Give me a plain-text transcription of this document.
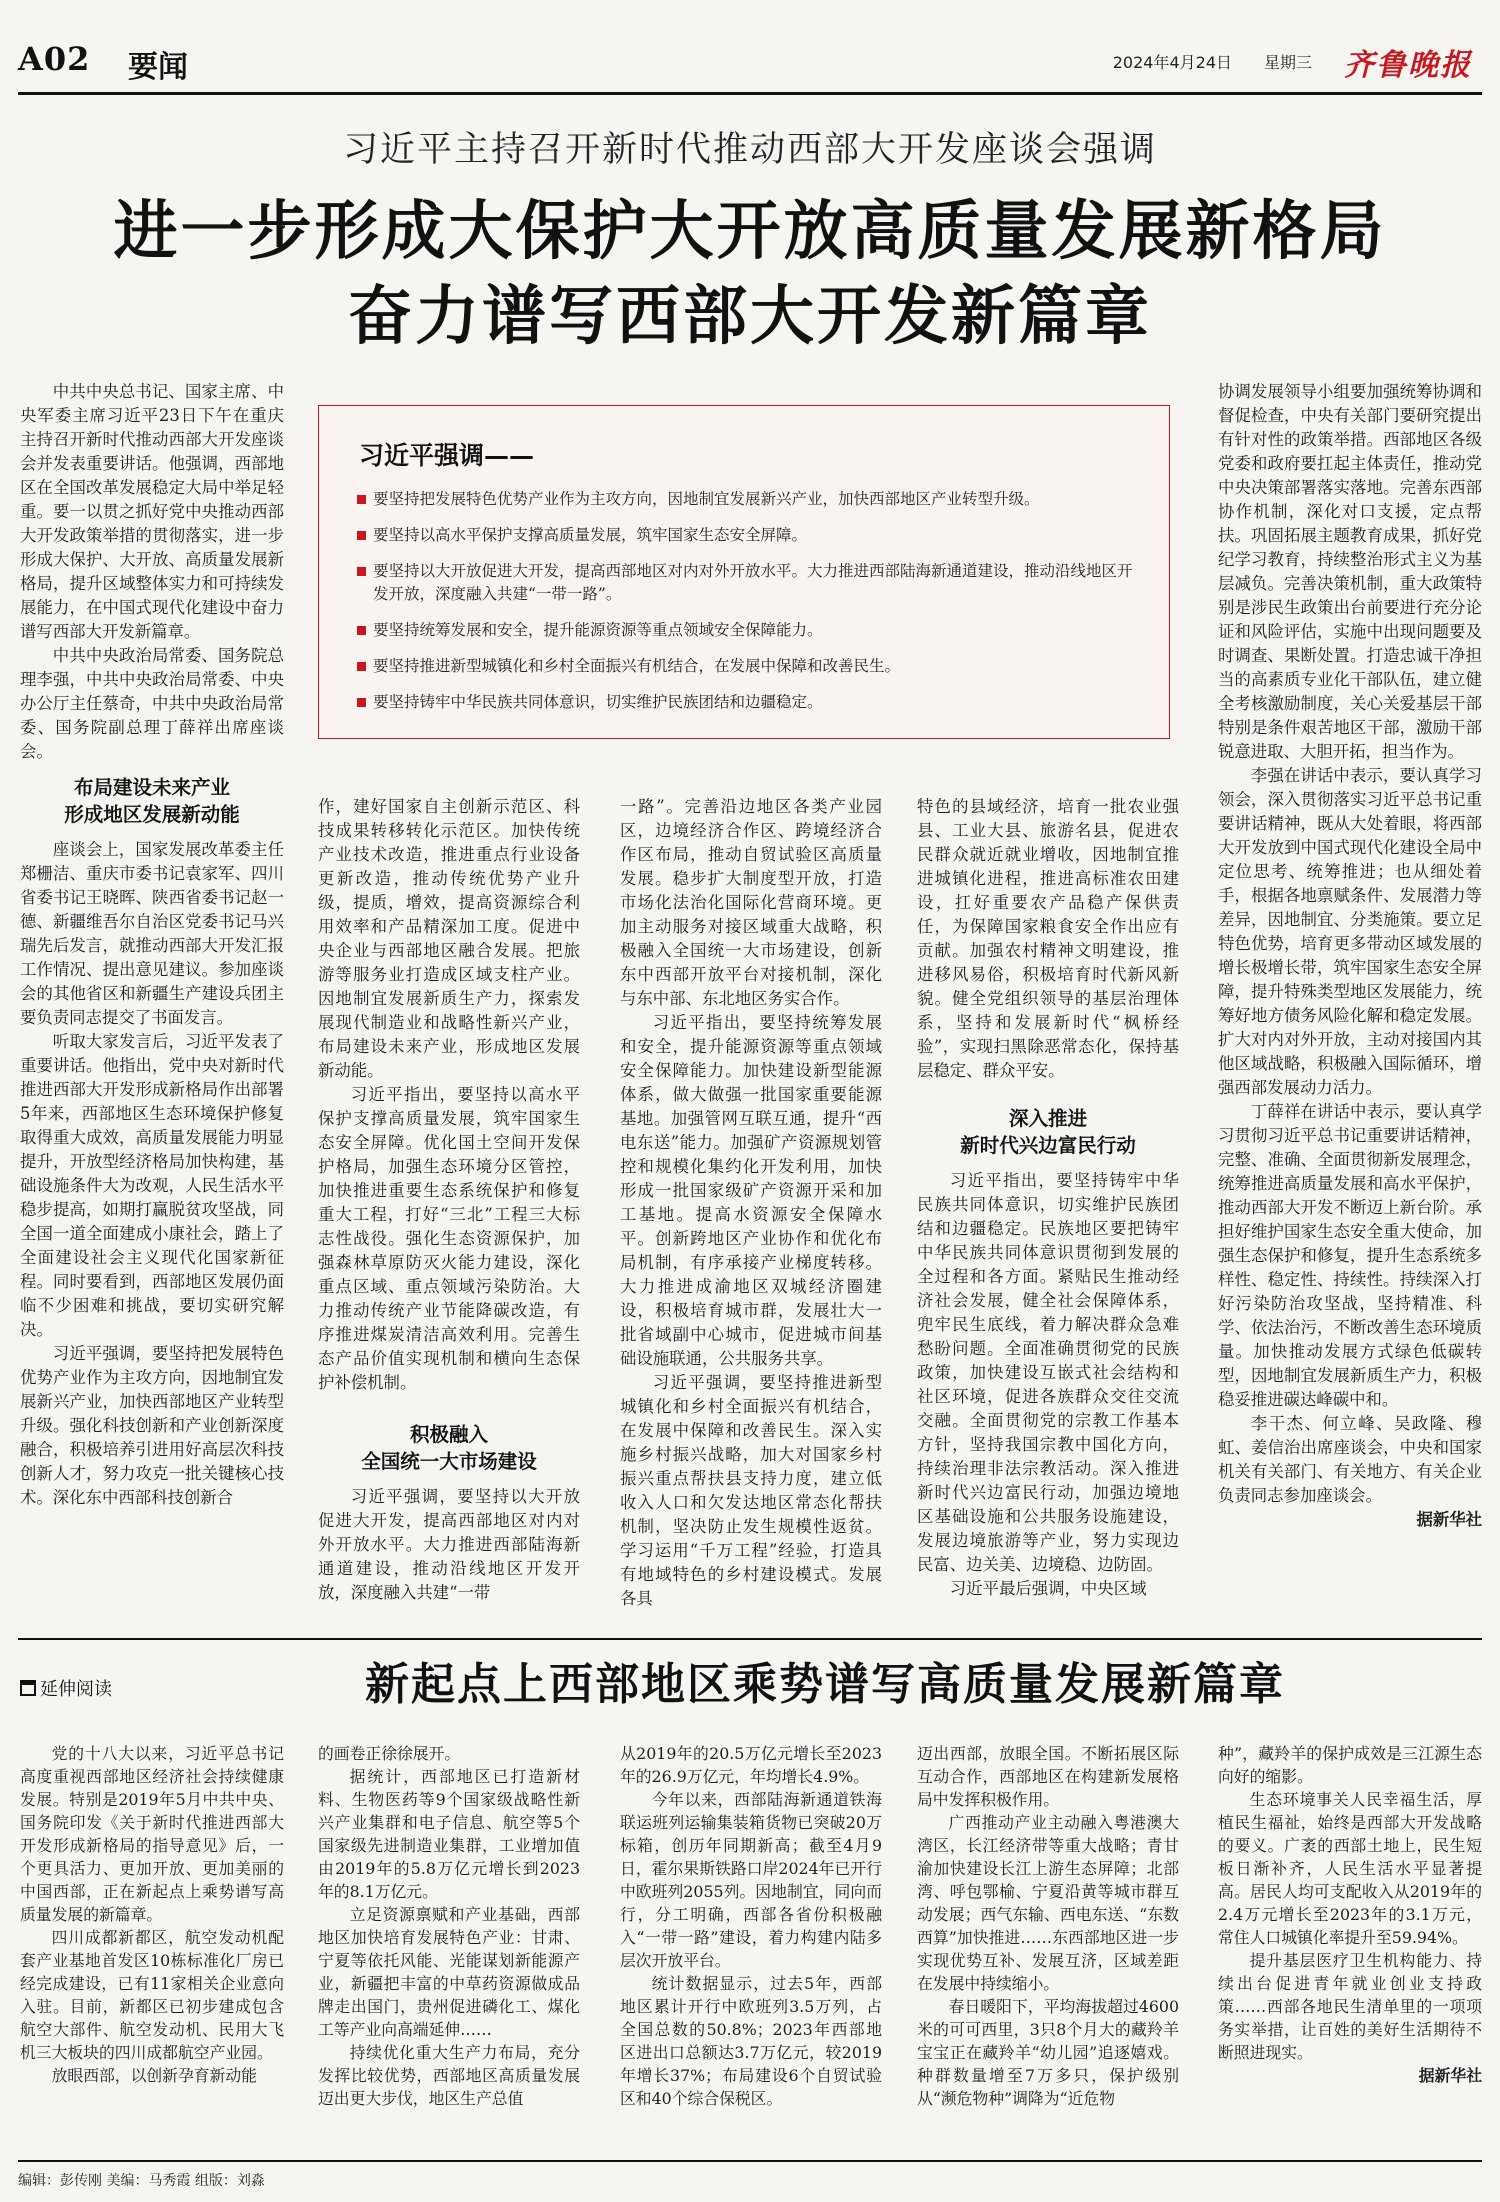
A02 要闻	2024年4月24日 星期三 齐鲁晚报
习近平主持召开新时代推动西部大开发座谈会强调
进一步形成大保护大开放高质量发展新格局
奋力谱写西部大开发新篇章

中共中央总书记、国家主席、中央军委主席习近平23日下午在重庆主持召开新时代推动西部大开发座谈会并发表重要讲话。他强调，西部地区在全国改革发展稳定大局中举足轻重。要一以贯之抓好党中央推动西部大开发政策举措的贯彻落实，进一步形成大保护、大开放、高质量发展新格局，提升区域整体实力和可持续发展能力，在中国式现代化建设中奋力谱写西部大开发新篇章。

中共中央政治局常委、国务院总理李强，中共中央政治局常委、中央办公厅主任蔡奇，中共中央政治局常委、国务院副总理丁薛祥出席座谈会。

布局建设未来产业
形成地区发展新动能

座谈会上，国家发展改革委主任郑栅洁、重庆市委书记袁家军、四川省委书记王晓晖、陕西省委书记赵一德、新疆维吾尔自治区党委书记马兴瑞先后发言，就推动西部大开发汇报工作情况、提出意见建议。参加座谈会的其他省区和新疆生产建设兵团主要负责同志提交了书面发言。

听取大家发言后，习近平发表了重要讲话。他指出，党中央对新时代推进西部大开发形成新格局作出部署5年来，西部地区生态环境保护修复取得重大成效，高质量发展能力明显提升，开放型经济格局加快构建，基础设施条件大为改观，人民生活水平稳步提高，如期打赢脱贫攻坚战，同全国一道全面建成小康社会，踏上了全面建设社会主义现代化国家新征程。同时要看到，西部地区发展仍面临不少困难和挑战，要切实研究解决。

习近平强调，要坚持把发展特色优势产业作为主攻方向，因地制宜发展新兴产业，加快西部地区产业转型升级。强化科技创新和产业创新深度融合，积极培养引进用好高层次科技创新人才，努力攻克一批关键核心技术。深化东中西部科技创新合

习近平强调——
要坚持把发展特色优势产业作为主攻方向，因地制宜发展新兴产业，加快西部地区产业转型升级。
要坚持以高水平保护支撑高质量发展，筑牢国家生态安全屏障。
要坚持以大开放促进大开发，提高西部地区对内对外开放水平。大力推进西部陆海新通道建设，推动沿线地区开发开放，深度融入共建“一带一路”。
要坚持统筹发展和安全，提升能源资源等重点领域安全保障能力。
要坚持推进新型城镇化和乡村全面振兴有机结合，在发展中保障和改善民生。
要坚持铸牢中华民族共同体意识，切实维护民族团结和边疆稳定。

作，建好国家自主创新示范区、科技成果转移转化示范区。加快传统产业技术改造，推进重点行业设备更新改造，推动传统优势产业升级，提质，增效，提高资源综合利用效率和产品精深加工度。促进中央企业与西部地区融合发展。把旅游等服务业打造成区域支柱产业。因地制宜发展新质生产力，探索发展现代制造业和战略性新兴产业，布局建设未来产业，形成地区发展新动能。

习近平指出，要坚持以高水平保护支撑高质量发展，筑牢国家生态安全屏障。优化国土空间开发保护格局，加强生态环境分区管控，加快推进重要生态系统保护和修复重大工程，打好“三北”工程三大标志性战役。强化生态资源保护，加强森林草原防灭火能力建设，深化重点区域、重点领域污染防治。大力推动传统产业节能降碳改造，有序推进煤炭清洁高效利用。完善生态产品价值实现机制和横向生态保护补偿机制。

积极融入
全国统一大市场建设

习近平强调，要坚持以大开放促进大开发，提高西部地区对内对外开放水平。大力推进西部陆海新通道建设，推动沿线地区开发开放，深度融入共建“一带

一路”。完善沿边地区各类产业园区，边境经济合作区、跨境经济合作区布局，推动自贸试验区高质量发展。稳步扩大制度型开放，打造市场化法治化国际化营商环境。更加主动服务对接区域重大战略，积极融入全国统一大市场建设，创新东中西部开放平台对接机制，深化与东中部、东北地区务实合作。

习近平指出，要坚持统筹发展和安全，提升能源资源等重点领域安全保障能力。加快建设新型能源体系，做大做强一批国家重要能源基地。加强管网互联互通，提升“西电东送”能力。加强矿产资源规划管控和规模化集约化开发利用，加快形成一批国家级矿产资源开采和加工基地。提高水资源安全保障水平。创新跨地区产业协作和优化布局机制，有序承接产业梯度转移。大力推进成渝地区双城经济圈建设，积极培育城市群，发展壮大一批省域副中心城市，促进城市间基础设施联通，公共服务共享。

习近平强调，要坚持推进新型城镇化和乡村全面振兴有机结合，在发展中保障和改善民生。深入实施乡村振兴战略，加大对国家乡村振兴重点帮扶县支持力度，建立低收入人口和欠发达地区常态化帮扶机制，坚决防止发生规模性返贫。学习运用“千万工程”经验，打造具有地域特色的乡村建设模式。发展各具

特色的县域经济，培育一批农业强县、工业大县、旅游名县，促进农民群众就近就业增收，因地制宜推进城镇化进程，推进高标准农田建设，扛好重要农产品稳产保供责任，为保障国家粮食安全作出应有贡献。加强农村精神文明建设，推进移风易俗，积极培育时代新风新貌。健全党组织领导的基层治理体系，坚持和发展新时代“枫桥经验”，实现扫黑除恶常态化，保持基层稳定、群众平安。

深入推进
新时代兴边富民行动

习近平指出，要坚持铸牢中华民族共同体意识，切实维护民族团结和边疆稳定。民族地区要把铸牢中华民族共同体意识贯彻到发展的全过程和各方面。紧贴民生推动经济社会发展，健全社会保障体系，兜牢民生底线，着力解决群众急难愁盼问题。全面准确贯彻党的民族政策，加快建设互嵌式社会结构和社区环境，促进各族群众交往交流交融。全面贯彻党的宗教工作基本方针，坚持我国宗教中国化方向，持续治理非法宗教活动。深入推进新时代兴边富民行动，加强边境地区基础设施和公共服务设施建设，发展边境旅游等产业，努力实现边民富、边关美、边境稳、边防固。

习近平最后强调，中央区域

协调发展领导小组要加强统筹协调和督促检查，中央有关部门要研究提出有针对性的政策举措。西部地区各级党委和政府要扛起主体责任，推动党中央决策部署落实落地。完善东西部协作机制，深化对口支援，定点帮扶。巩固拓展主题教育成果，抓好党纪学习教育，持续整治形式主义为基层减负。完善决策机制，重大政策特别是涉民生政策出台前要进行充分论证和风险评估，实施中出现问题要及时调查、果断处置。打造忠诚干净担当的高素质专业化干部队伍，建立健全考核激励制度，关心关爱基层干部特别是条件艰苦地区干部，激励干部锐意进取、大胆开拓，担当作为。

李强在讲话中表示，要认真学习领会，深入贯彻落实习近平总书记重要讲话精神，既从大处着眼，将西部大开发放到中国式现代化建设全局中定位思考、统筹推进；也从细处着手，根据各地禀赋条件、发展潜力等差异，因地制宜、分类施策。要立足特色优势，培育更多带动区域发展的增长极增长带，筑牢国家生态安全屏障，提升特殊类型地区发展能力，统筹好地方债务风险化解和稳定发展。扩大对内对外开放，主动对接国内其他区域战略，积极融入国际循环，增强西部发展动力活力。

丁薛祥在讲话中表示，要认真学习贯彻习近平总书记重要讲话精神，完整、准确、全面贯彻新发展理念，统筹推进高质量发展和高水平保护，推动西部大开发不断迈上新台阶。承担好维护国家生态安全重大使命，加强生态保护和修复，提升生态系统多样性、稳定性、持续性。持续深入打好污染防治攻坚战，坚持精准、科学、依法治污，不断改善生态环境质量。加快推动发展方式绿色低碳转型，因地制宜发展新质生产力，积极稳妥推进碳达峰碳中和。

李干杰、何立峰、吴政隆、穆虹、姜信治出席座谈会，中央和国家机关有关部门、有关地方、有关企业负责同志参加座谈会。

据新华社

延伸阅读	新起点上西部地区乘势谱写高质量发展新篇章

党的十八大以来，习近平总书记高度重视西部地区经济社会持续健康发展。特别是2019年5月中共中央、国务院印发《关于新时代推进西部大开发形成新格局的指导意见》后，一个更具活力、更加开放、更加美丽的中国西部，正在新起点上乘势谱写高质量发展的新篇章。

四川成都新都区，航空发动机配套产业基地首发区10栋标准化厂房已经完成建设，已有11家相关企业意向入驻。目前，新都区已初步建成包含航空大部件、航空发动机、民用大飞机三大板块的四川成都航空产业园。

放眼西部，以创新孕育新动能

的画卷正徐徐展开。

据统计，西部地区已打造新材料、生物医药等9个国家级战略性新兴产业集群和电子信息、航空等5个国家级先进制造业集群，工业增加值由2019年的5.8万亿元增长到2023年的8.1万亿元。

立足资源禀赋和产业基础，西部地区加快培育发展特色产业：甘肃、宁夏等依托风能、光能谋划新能源产业，新疆把丰富的中草药资源做成品牌走出国门，贵州促进磷化工、煤化工等产业向高端延伸……

持续优化重大生产力布局，充分发挥比较优势，西部地区高质量发展迈出更大步伐，地区生产总值

从2019年的20.5万亿元增长至2023年的26.9万亿元，年均增长4.9%。

今年以来，西部陆海新通道铁海联运班列运输集装箱货物已突破20万标箱，创历年同期新高；截至4月9日，霍尔果斯铁路口岸2024年已开行中欧班列2055列。因地制宜，同向而行，分工明确，西部各省份积极融入“一带一路”建设，着力构建内陆多层次开放平台。

统计数据显示，过去5年，西部地区累计开行中欧班列3.5万列，占全国总数的50.8%；2023年西部地区进出口总额达3.7万亿元，较2019年增长37%；布局建设6个自贸试验区和40个综合保税区。

迈出西部，放眼全国。不断拓展区际互动合作，西部地区在构建新发展格局中发挥积极作用。

广西推动产业主动融入粤港澳大湾区，长江经济带等重大战略；青甘渝加快建设长江上游生态屏障；北部湾、呼包鄂榆、宁夏沿黄等城市群互动发展；西气东输、西电东送、“东数西算”加快推进……东西部地区进一步实现优势互补、发展互济，区域差距在发展中持续缩小。

春日暖阳下，平均海拔超过4600米的可可西里，3只8个月大的藏羚羊宝宝正在藏羚羊“幼儿园”追逐嬉戏。种群数量增至7万多只，保护级别从“濒危物种”调降为“近危物

种”，藏羚羊的保护成效是三江源生态向好的缩影。

生态环境事关人民幸福生活，厚植民生福祉，始终是西部大开发战略的要义。广袤的西部土地上，民生短板日渐补齐，人民生活水平显著提高。居民人均可支配收入从2019年的2.4万元增长至2023年的3.1万元，常住人口城镇化率提升至59.94%。

提升基层医疗卫生机构能力、持续出台促进青年就业创业支持政策……西部各地民生清单里的一项项务实举措，让百姓的美好生活期待不断照进现实。

据新华社

编辑：彭传刚 美编：马秀霞 组版：刘淼
